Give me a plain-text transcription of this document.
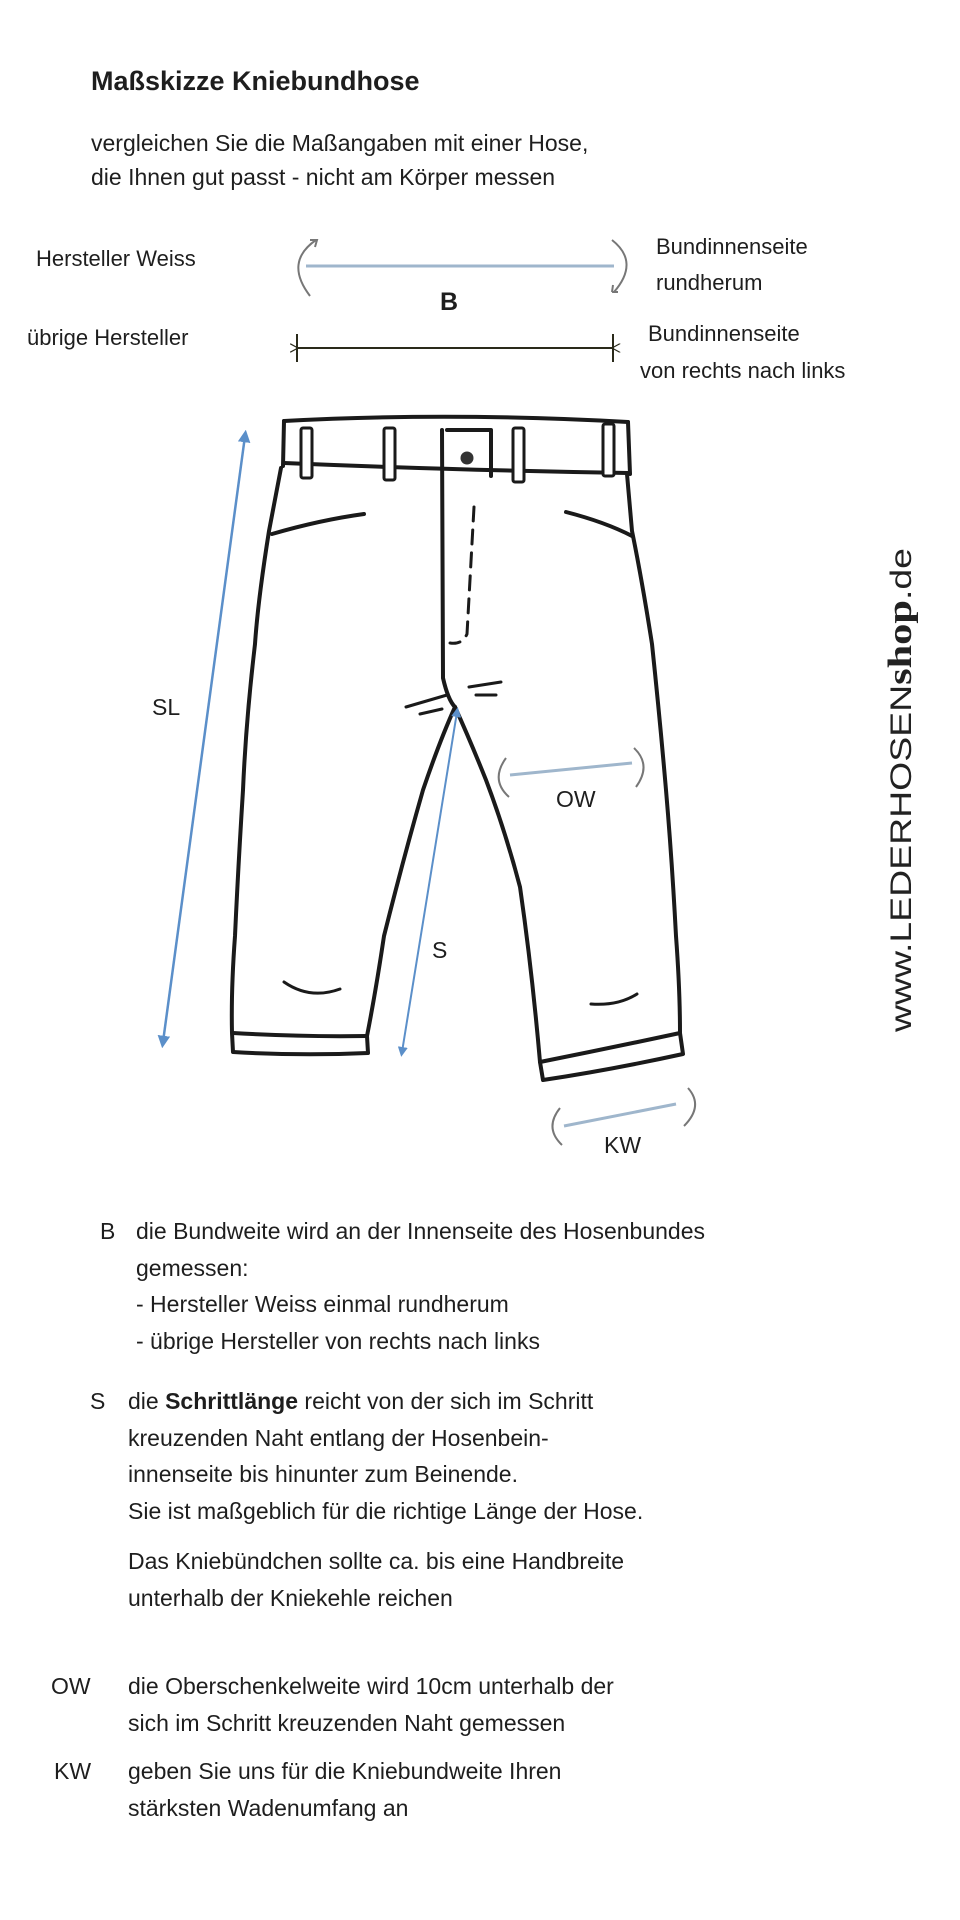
Maßskizze Kniebundhose
vergleichen Sie die Maßangaben mit einer Hose,
die Ihnen gut passt - nicht am Körper messen
www.LEDERHOSENshop.de
Hersteller Weiss
übrige Hersteller
Bundinnenseite
rundherum
Bundinnenseite
von rechts nach links
B
SL
S
OW
KW
B die Bundweite wird an der Innenseite des Hosenbundes
gemessen:
- Hersteller Weiss einmal rundherum
- übrige Hersteller von rechts nach links
S die Schrittlänge reicht von der sich im Schritt
kreuzenden Naht entlang der Hosenbein-
innenseite bis hinunter zum Beinende.
Sie ist maßgeblich für die richtige Länge der Hose.
Das Kniebündchen sollte ca. bis eine Handbreite
unterhalb der Kniekehle reichen
OW die Oberschenkelweite wird 10cm unterhalb der
sich im Schritt kreuzenden Naht gemessen
KW geben Sie uns für die Kniebundweite Ihren
stärksten Wadenumfang an
